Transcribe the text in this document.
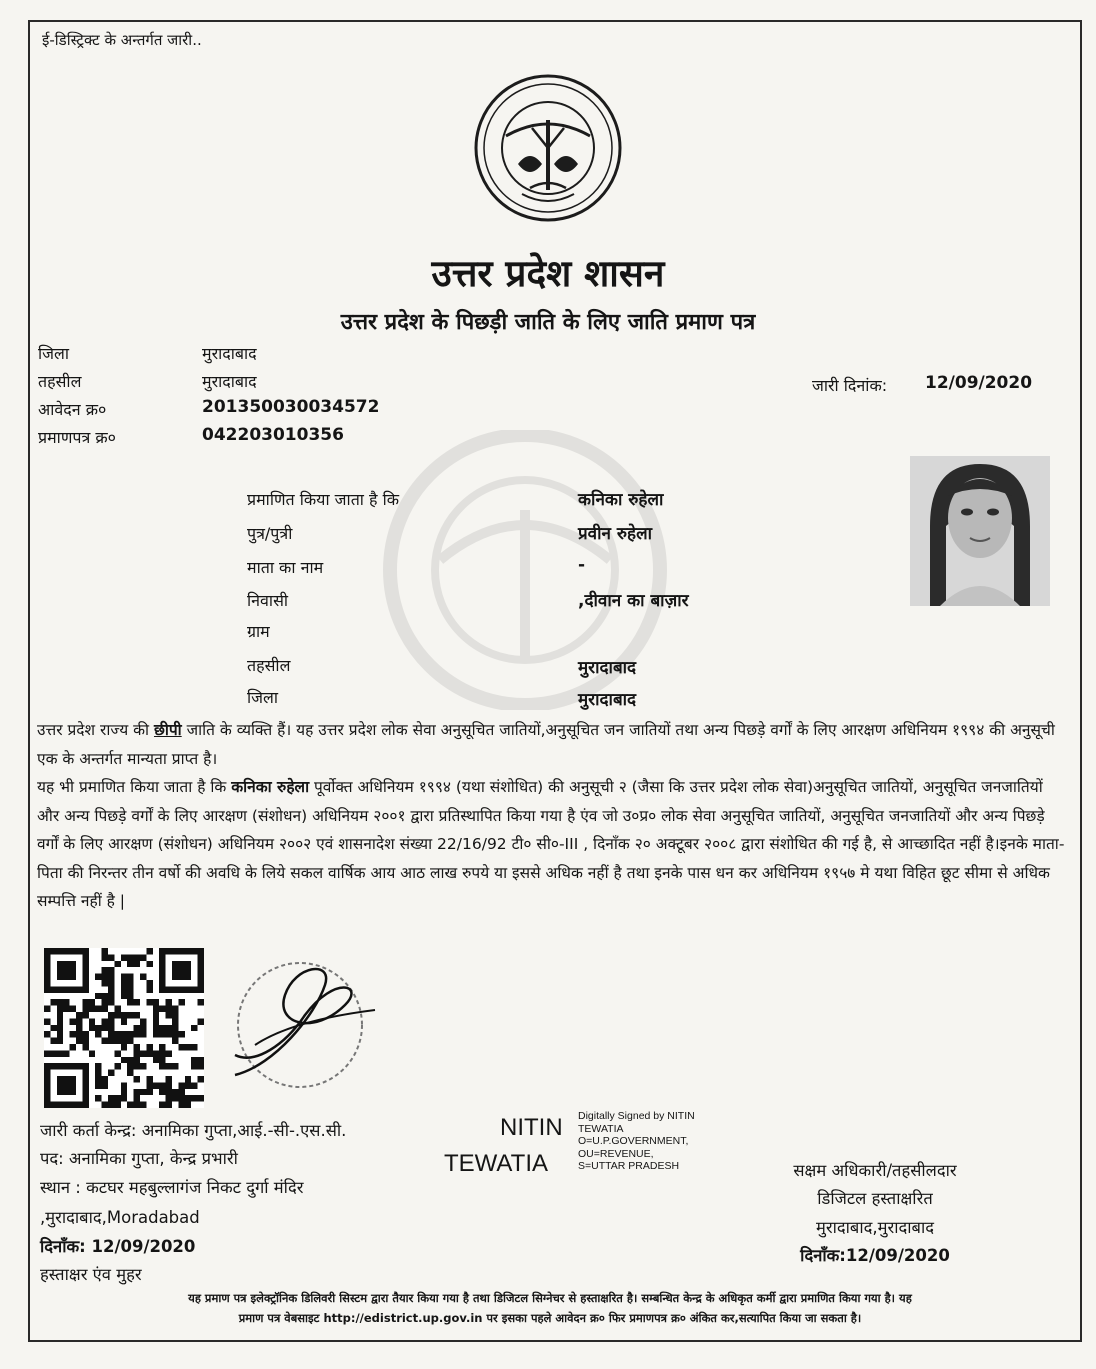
ई-डिस्ट्रिक्ट के अन्तर्गत जारी..
उत्तर प्रदेश शासन
उत्तर प्रदेश के पिछड़ी जाति के लिए जाति प्रमाण पत्र
जिला	मुरादाबाद
तहसील	मुरादाबाद
आवेदन क्र०	201350030034572
प्रमाणपत्र क्र०	042203010356
जारी दिनांक: 12/09/2020
प्रमाणित किया जाता है कि	कनिका रुहेला
पुत्र/पुत्री	प्रवीन रुहेला
माता का नाम	-
निवासी	,दीवान का बाज़ार
ग्राम
तहसील	मुरादाबाद
जिला	मुरादाबाद
उत्तर प्रदेश राज्य की छीपी जाति के व्यक्ति हैं। यह उत्तर प्रदेश लोक सेवा अनुसूचित जातियों,अनुसूचित जन जातियों तथा अन्य पिछड़े वर्गों के लिए आरक्षण अधिनियम १९९४ की अनुसूची एक के अन्तर्गत मान्यता प्राप्त है।
यह भी प्रमाणित किया जाता है कि कनिका रुहेला पूर्वोक्त अधिनियम १९९४ (यथा संशोधित) की अनुसूची २ (जैसा कि उत्तर प्रदेश लोक सेवा)अनुसूचित जातियों, अनुसूचित जनजातियों और अन्य पिछड़े वर्गों के लिए आरक्षण (संशोधन) अधिनियम २००१ द्वारा प्रतिस्थापित किया गया है एंव जो उ०प्र० लोक सेवा अनुसूचित जातियों, अनुसूचित जनजातियों और अन्य पिछड़े वर्गों के लिए आरक्षण (संशोधन) अधिनियम २००२ एवं शासनादेश संख्या 22/16/92 टी० सी०-III , दिनाँक २० अक्टूबर २००८ द्वारा संशोधित की गई है, से आच्छादित नहीं है।इनके माता-पिता की निरन्तर तीन वर्षो की अवधि के लिये सकल वार्षिक आय आठ लाख रुपये या इससे अधिक नहीं है तथा इनके पास धन कर अधिनियम १९५७ मे यथा विहित छूट सीमा से अधिक सम्पत्ति नहीं है |
जारी कर्ता केन्द्र: अनामिका गुप्ता,आई.-सी-.एस.सी.
पद: अनामिका गुप्ता, केन्द्र प्रभारी
स्थान : कटघर महबुल्लागंज निकट दुर्गा मंदिर
,मुरादाबाद,Moradabad
दिनाँक: 12/09/2020
हस्ताक्षर एंव मुहर
NITIN
TEWATIA
Digitally Signed by NITIN
TEWATIA
O=U.P.GOVERNMENT,
OU=REVENUE,
S=UTTAR PRADESH	सक्षम अधिकारी/तहसीलदार
डिजिटल हस्ताक्षरित
मुरादाबाद,मुरादाबाद
दिनाँक:12/09/2020
यह प्रमाण पत्र इलेक्ट्रॉनिक डिलिवरी सिस्टम द्वारा तैयार किया गया है तथा डिजिटल सिग्नेचर से हस्ताक्षरित है। सम्बन्धित केन्द्र के अधिकृत कर्मी द्वारा प्रमाणित किया गया है। यह
प्रमाण पत्र वेबसाइट http://edistrict.up.gov.in पर इसका पहले आवेदन क्र० फिर प्रमाणपत्र क्र० अंकित कर,सत्यापित किया जा सकता है।
